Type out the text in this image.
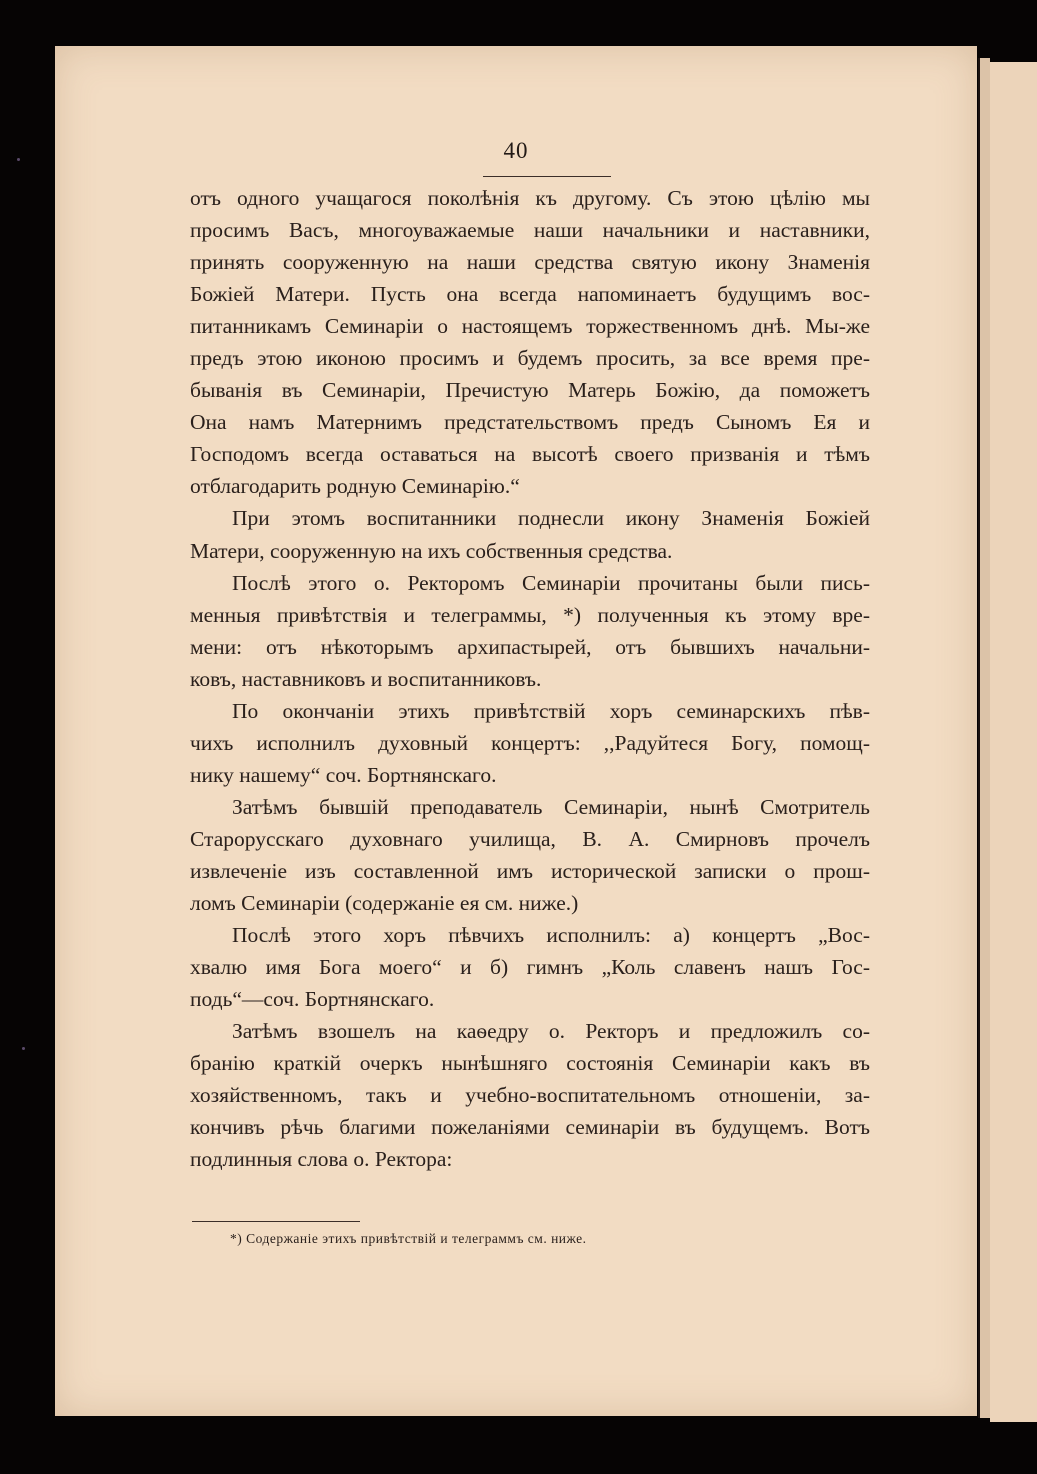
40
отъ одного учащагося поколѣнія къ другому. Съ этою цѣлію мы
просимъ Васъ, многоуважаемые наши начальники и наставники,
принять сооруженную на наши средства святую икону Знаменія
Божіей Матери. Пусть она всегда напоминаетъ будущимъ вос-
питанникамъ Семинаріи о настоящемъ торжественномъ днѣ. Мы-же
предъ этою иконою просимъ и будемъ просить, за все время пре-
быванія въ Семинаріи, Пречистую Матерь Божію, да поможетъ
Она намъ Матернимъ предстательствомъ предъ Сыномъ Ея и
Господомъ всегда оставаться на высотѣ своего призванія и тѣмъ
отблагодарить родную Семинарію.“
При этомъ воспитанники поднесли икону Знаменія Божіей
Матери, сооруженную на ихъ собственныя средства.
Послѣ этого о. Ректоромъ Семинаріи прочитаны были пись-
менныя привѣтствія и телеграммы, *) полученныя къ этому вре-
мени: отъ нѣкоторымъ архипастырей, отъ бывшихъ начальни-
ковъ, наставниковъ и воспитанниковъ.
По окончаніи этихъ привѣтствій хоръ семинарскихъ пѣв-
чихъ исполнилъ духовный концертъ: ,,Радуйтеся Богу, помощ-
нику нашему“ соч. Бортнянскаго.
Затѣмъ бывшій преподаватель Семинаріи, нынѣ Смотритель
Старорусскаго духовнаго училища, В. А. Смирновъ прочелъ
извлеченіе изъ составленной имъ исторической записки о прош-
ломъ Семинаріи (содержаніе ея см. ниже.)
Послѣ этого хоръ пѣвчихъ исполнилъ: а) концертъ „Вос-
хвалю имя Бога моего“ и б) гимнъ „Коль славенъ нашъ Гос-
подь“—соч. Бортнянскаго.
Затѣмъ взошелъ на каѳедру о. Ректоръ и предложилъ со-
бранію краткій очеркъ нынѣшняго состоянія Семинаріи какъ въ
хозяйственномъ, такъ и учебно-воспитательномъ отношеніи, за-
кончивъ рѣчь благими пожеланіями семинаріи въ будущемъ. Вотъ
подлинныя слова о. Ректора:
*) Содержаніе этихъ привѣтствій и телеграммъ см. ниже.
